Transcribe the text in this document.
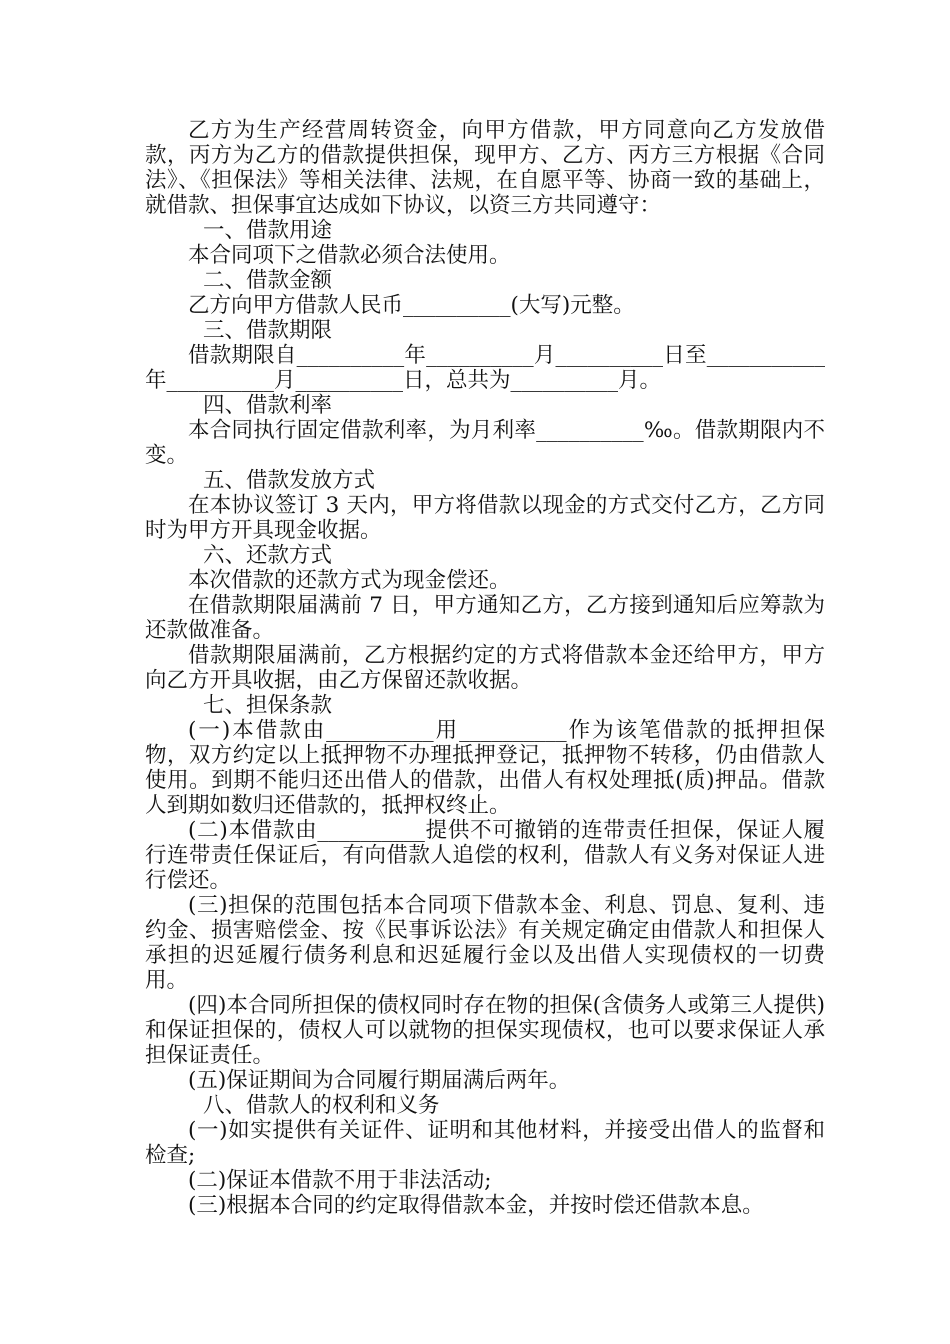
乙方为生产经营周转资金，向甲方借款，甲方同意向乙方发放借款，丙方为乙方的借款提供担保，现甲方、乙方、丙方三方根据《合同法》、《担保法》等相关法律、法规，在自愿平等、协商一致的基础上，就借款、担保事宜达成如下协议，以资三方共同遵守：

一、借款用途

本合同项下之借款必须合法使用。

二、借款金额

乙方向甲方借款人民币__________(大写)元整。

三、借款期限

借款期限自__________年__________月__________日至___________年__________月__________日，总共为__________月。

四、借款利率

本合同执行固定借款利率，为月利率__________‰。借款期限内不变。

五、借款发放方式

在本协议签订 3 天内，甲方将借款以现金的方式交付乙方，乙方同时为甲方开具现金收据。

六、还款方式

本次借款的还款方式为现金偿还。

在借款期限届满前 7 日，甲方通知乙方，乙方接到通知后应筹款为还款做准备。

借款期限届满前，乙方根据约定的方式将借款本金还给甲方，甲方向乙方开具收据，由乙方保留还款收据。

七、担保条款

(一)本借款由__________用__________作为该笔借款的抵押担保物，双方约定以上抵押物不办理抵押登记，抵押物不转移，仍由借款人使用。到期不能归还出借人的借款，出借人有权处理抵(质)押品。借款人到期如数归还借款的，抵押权终止。

(二)本借款由__________提供不可撤销的连带责任担保，保证人履行连带责任保证后，有向借款人追偿的权利，借款人有义务对保证人进行偿还。

(三)担保的范围包括本合同项下借款本金、利息、罚息、复利、违约金、损害赔偿金、按《民事诉讼法》有关规定确定由借款人和担保人承担的迟延履行债务利息和迟延履行金以及出借人实现债权的一切费用。

(四)本合同所担保的债权同时存在物的担保(含债务人或第三人提供)和保证担保的，债权人可以就物的担保实现债权，也可以要求保证人承担保证责任。

(五)保证期间为合同履行期届满后两年。

八、借款人的权利和义务

(一)如实提供有关证件、证明和其他材料，并接受出借人的监督和检查;

(二)保证本借款不用于非法活动;

(三)根据本合同的约定取得借款本金，并按时偿还借款本息。
